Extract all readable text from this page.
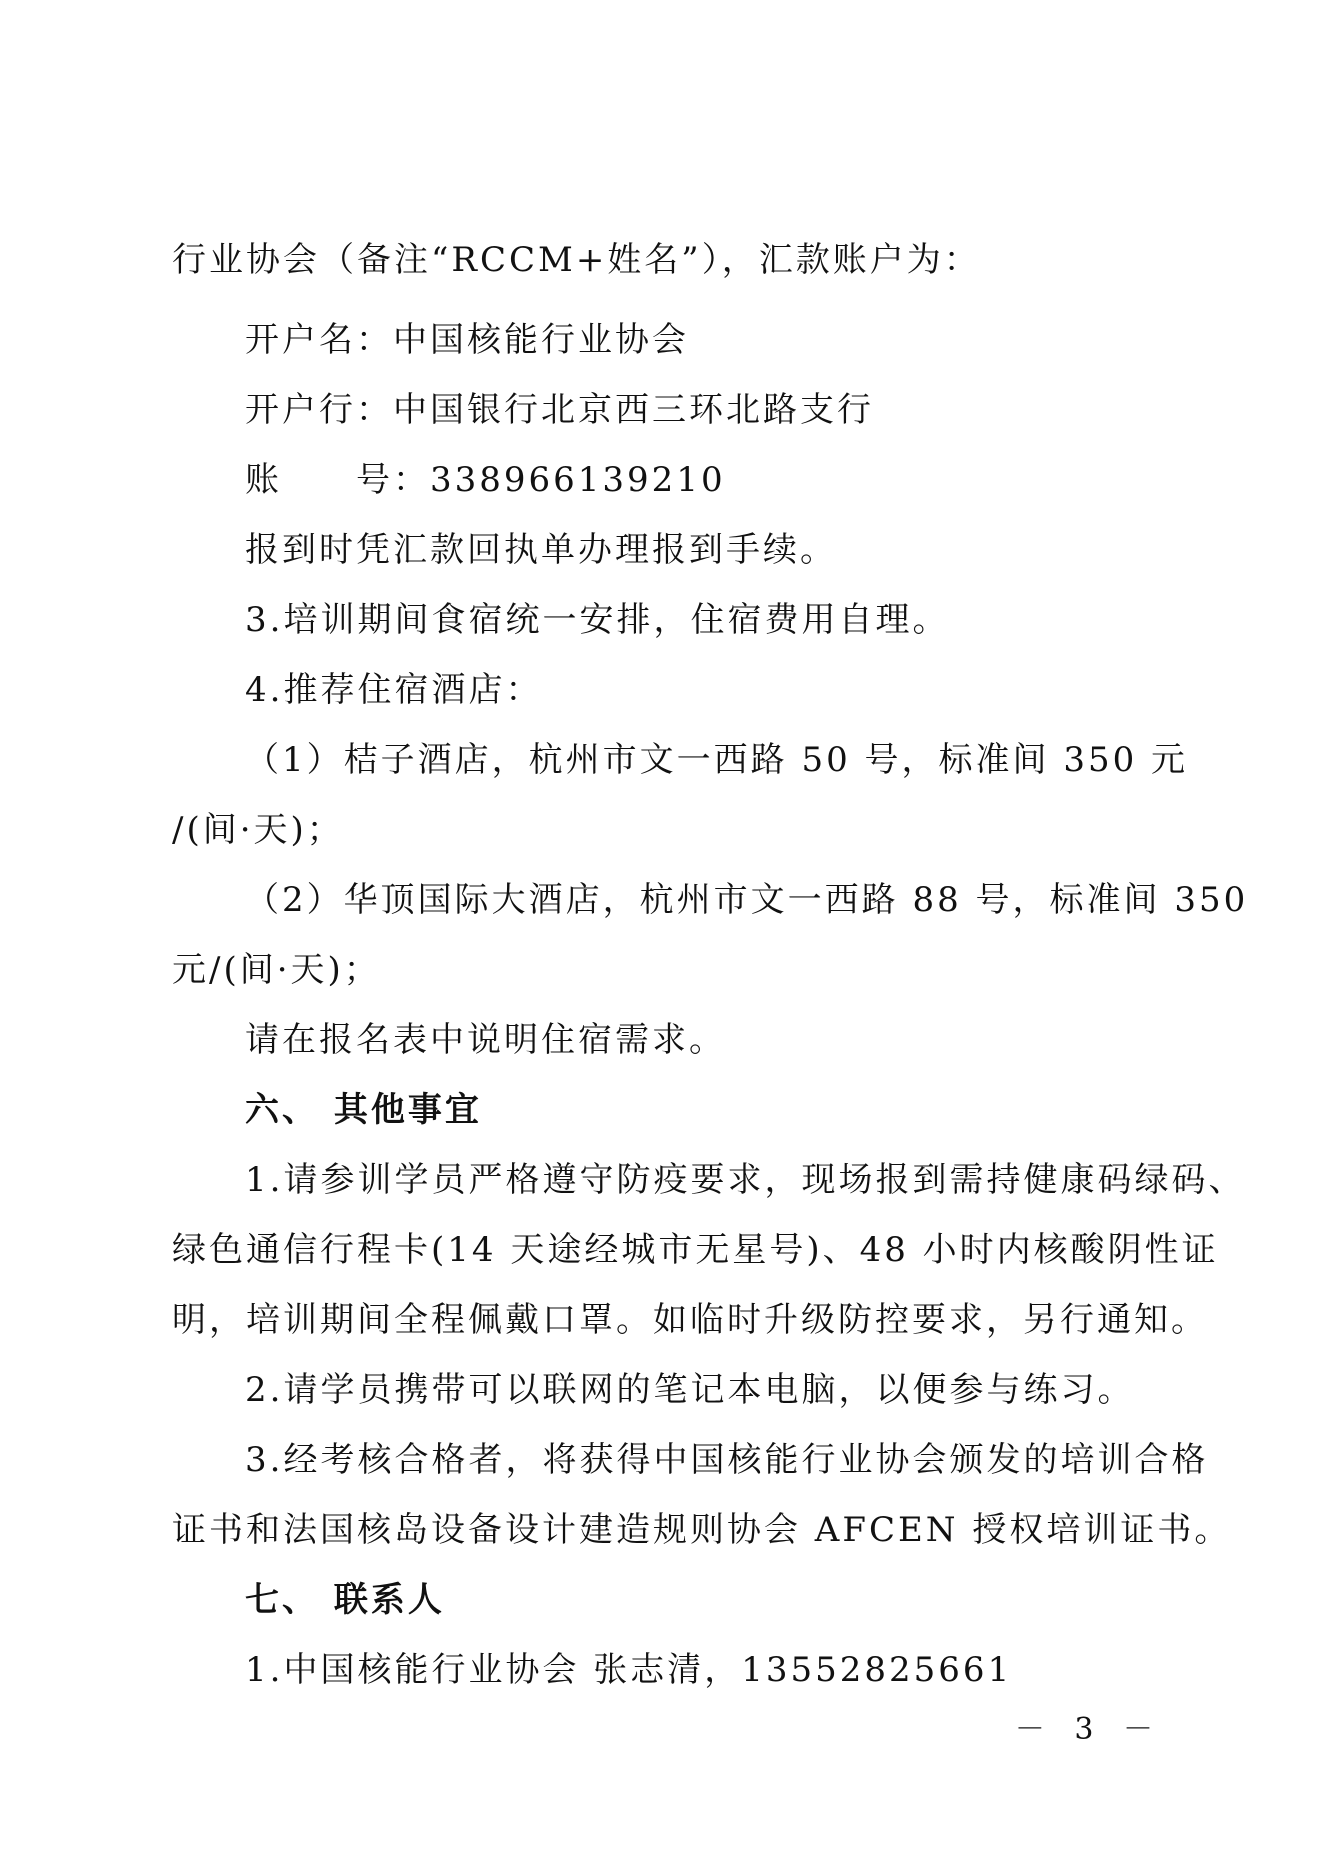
行业协会（备注“RCCM+姓名”），汇款账户为：
开户名：中国核能行业协会
开户行：中国银行北京西三环北路支行
账　　号：338966139210
报到时凭汇款回执单办理报到手续。
3.培训期间食宿统一安排，住宿费用自理。
4.推荐住宿酒店：
（1）桔子酒店，杭州市文一西路 50 号，标准间 350 元
/(间·天)；
（2）华顶国际大酒店，杭州市文一西路 88 号，标准间 350
元/(间·天)；
请在报名表中说明住宿需求。
六、 其他事宜
1.请参训学员严格遵守防疫要求，现场报到需持健康码绿码、
绿色通信行程卡(14 天途经城市无星号)、48 小时内核酸阴性证
明，培训期间全程佩戴口罩。如临时升级防控要求，另行通知。
2.请学员携带可以联网的笔记本电脑，以便参与练习。
3.经考核合格者，将获得中国核能行业协会颁发的培训合格
证书和法国核岛设备设计建造规则协会 AFCEN 授权培训证书。
七、 联系人
1.中国核能行业协会 张志清，13552825661
－ 3 －
